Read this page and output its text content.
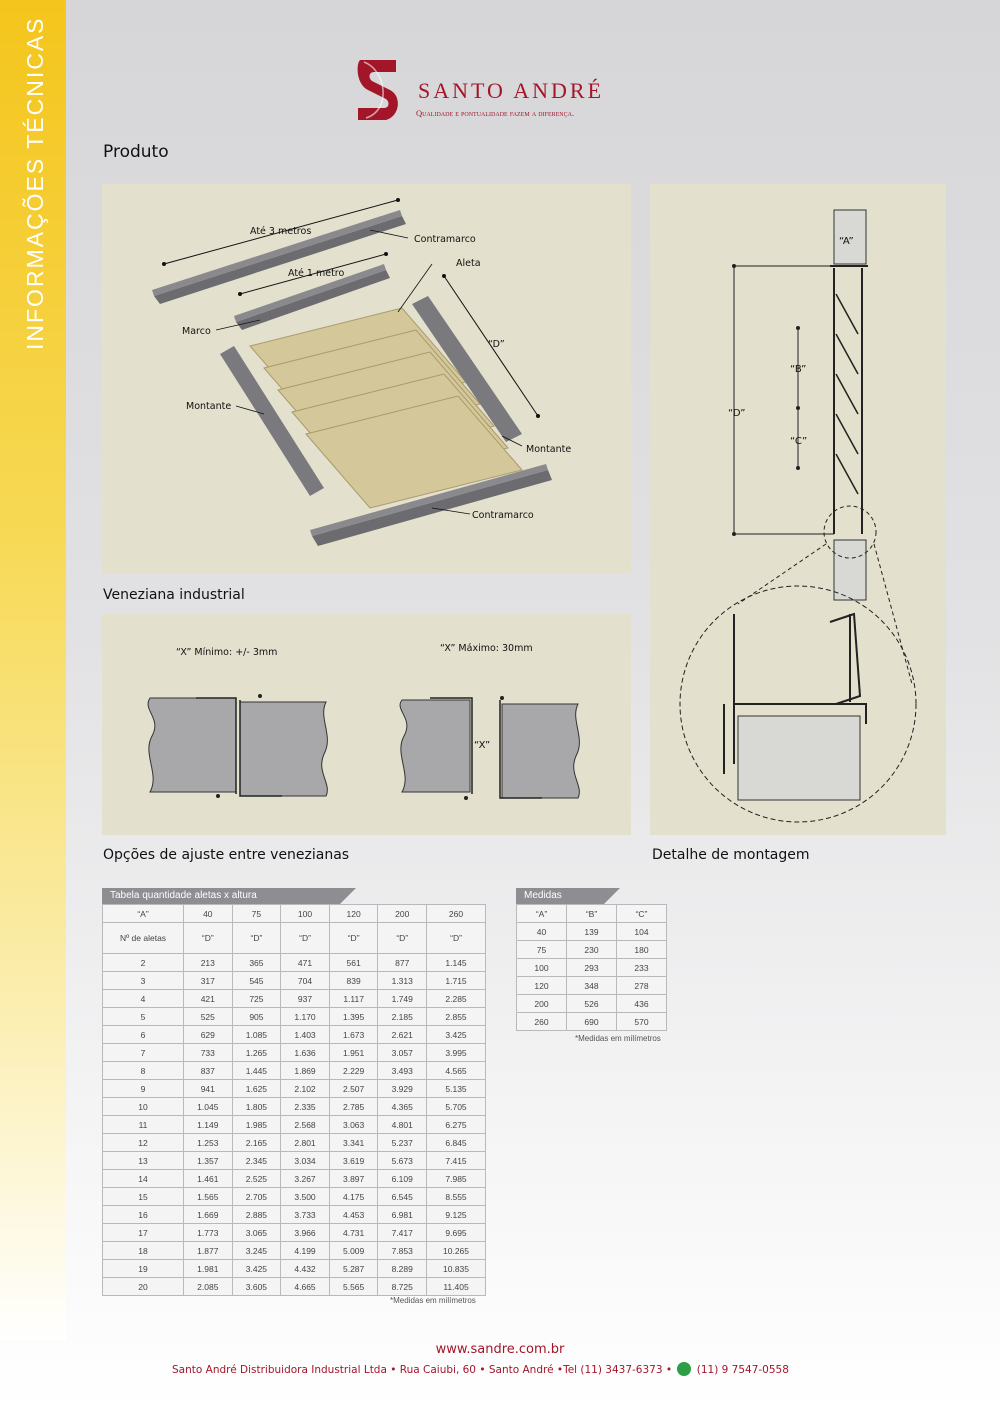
INFORMAÇÕES TÉCNICAS	SANTO ANDRÉ
Qualidade e pontualidade fazem a diferença.
Produto
Veneziana industrial
Opções de ajuste entre venezianas	Detalhe de montagem
Até 3 metros
Até 1 metro
Contramarco
Aleta
Marco
“D”
Montante
Montante
Contramarco
“X” Mínimo: +/- 3mm	“X” Máximo: 30mm
“X”
“A”
“D”
“B”
“C”
Tabela quantidade aletas x altura
“A”	40	75	100	120	200	260
Nº de aletas	“D”	“D”	“D”	“D”	“D”	“D”
2	213	365	471	561	877	1.145
3	317	545	704	839	1.313	1.715
4	421	725	937	1.117	1.749	2.285
5	525	905	1.170	1.395	2.185	2.855
6	629	1.085	1.403	1.673	2.621	3.425
7	733	1.265	1.636	1.951	3.057	3.995
8	837	1.445	1.869	2.229	3.493	4.565
9	941	1.625	2.102	2.507	3.929	5.135
10	1.045	1.805	2.335	2.785	4.365	5.705
11	1.149	1.985	2.568	3.063	4.801	6.275
12	1.253	2.165	2.801	3.341	5.237	6.845
13	1.357	2.345	3.034	3.619	5.673	7.415
14	1.461	2.525	3.267	3.897	6.109	7.985
15	1.565	2.705	3.500	4.175	6.545	8.555
16	1.669	2.885	3.733	4.453	6.981	9.125
17	1.773	3.065	3.966	4.731	7.417	9.695
18	1.877	3.245	4.199	5.009	7.853	10.265
19	1.981	3.425	4.432	5.287	8.289	10.835
20	2.085	3.605	4.665	5.565	8.725	11.405
*Medidas em milímetros
Medidas
“A”	“B”	“C”
40	139	104
75	230	180
100	293	233
120	348	278
200	526	436
260	690	570
*Medidas em milímetros
www.sandre.com.br
Santo André Distribuidora Industrial Ltda • Rua Caiubi, 60 • Santo André •Tel (11) 3437-6373 • (11) 9 7547-0558
